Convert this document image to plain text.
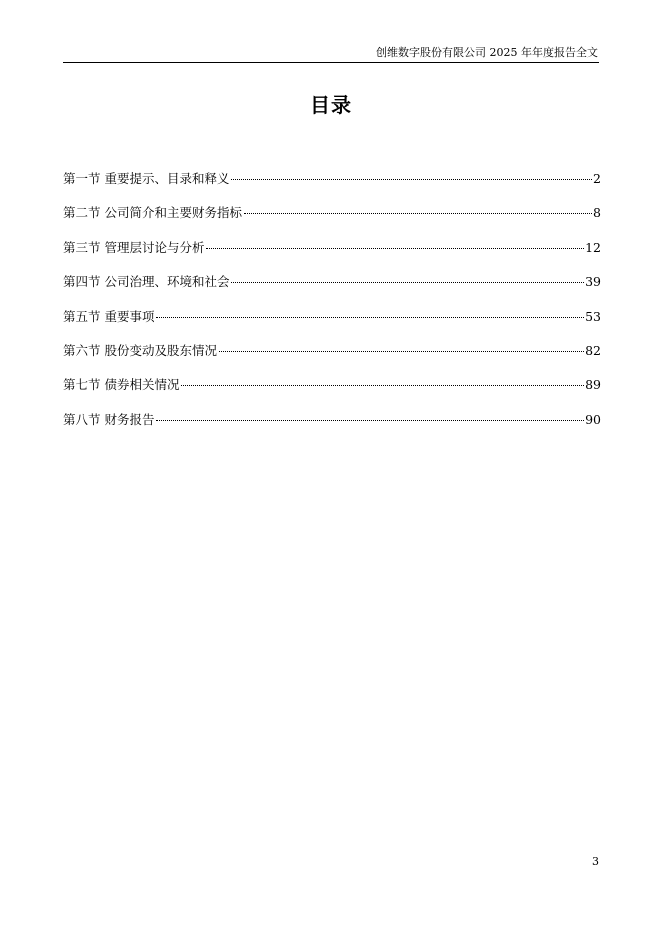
创维数字股份有限公司 2025 年年度报告全文
目录
第一节 重要提示、目录和释义	2
第二节 公司简介和主要财务指标	8
第三节 管理层讨论与分析	12
第四节 公司治理、环境和社会	39
第五节 重要事项	53
第六节 股份变动及股东情况	82
第七节 债券相关情况	89
第八节 财务报告	90
3
